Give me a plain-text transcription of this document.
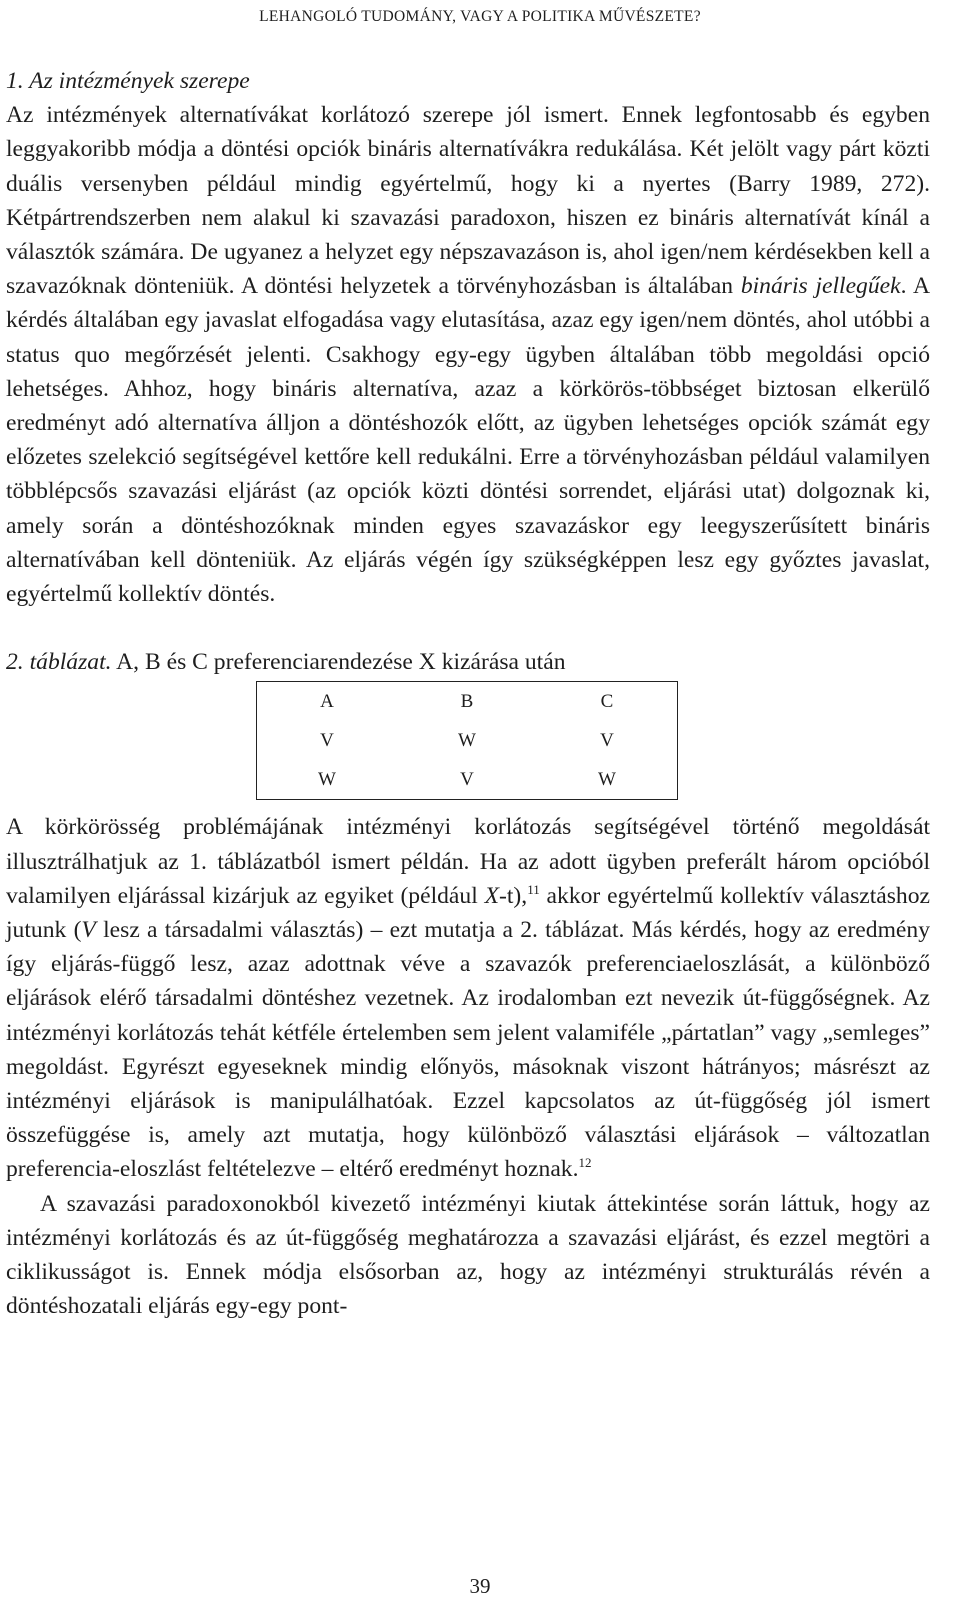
LEHANGOLÓ TUDOMÁNY, VAGY A POLITIKA MŰVÉSZETE?

1. Az intézmények szerepe

Az intézmények alternatívákat korlátozó szerepe jól ismert. Ennek legfontosabb és egyben leggyakoribb módja a döntési opciók bináris alternatívákra redukálása. Két jelölt vagy párt közti duális versenyben például mindig egyértelmű, hogy ki a nyertes (Barry 1989, 272). Kétpártrendszerben nem alakul ki szavazási paradoxon, hiszen ez bináris alternatívát kínál a választók számára. De ugyanez a helyzet egy népszavazáson is, ahol igen/nem kérdésekben kell a szavazóknak dönteniük. A döntési helyzetek a törvényhozásban is általában bináris jellegűek. A kérdés általában egy javaslat elfogadása vagy elutasítása, azaz egy igen/nem döntés, ahol utóbbi a status quo megőrzését jelenti. Csakhogy egy-egy ügyben általában több megoldási opció lehetséges. Ahhoz, hogy bináris alternatíva, azaz a körkörös-többséget biztosan elkerülő eredményt adó alternatíva álljon a döntéshozók előtt, az ügyben lehetséges opciók számát egy előzetes szelekció segítségével kettőre kell redukálni. Erre a törvényhozásban például valamilyen többlépcsős szavazási eljárást (az opciók közti döntési sorrendet, eljárási utat) dolgoznak ki, amely során a döntéshozóknak minden egyes szavazáskor egy leegyszerűsített bináris alternatívában kell dönteniük. Az eljárás végén így szükségképpen lesz egy győztes javaslat, egyértelmű kollektív döntés.

2. táblázat. A, B és C preferenciarendezése X kizárása után

A	B	C
V	W	V
W	V	W

A körkörösség problémájának intézményi korlátozás segítségével történő megoldását illusztrálhatjuk az 1. táblázatból ismert példán. Ha az adott ügyben preferált három opcióból valamilyen eljárással kizárjuk az egyiket (például X-t),$^{11}$ akkor egyértelmű kollektív választáshoz jutunk (V lesz a társadalmi választás) – ezt mutatja a 2. táblázat. Más kérdés, hogy az eredmény így eljárás-függő lesz, azaz adottnak véve a szavazók preferenciaeloszlását, a különböző eljárások elérő társadalmi döntéshez vezetnek. Az irodalomban ezt nevezik út-függőségnek. Az intézményi korlátozás tehát kétféle értelemben sem jelent valamiféle „pártatlan” vagy „semleges” megoldást. Egyrészt egyeseknek mindig előnyös, másoknak viszont hátrányos; másrészt az intézményi eljárások is manipulálhatóak. Ezzel kapcsolatos az út-függőség jól ismert összefüggése is, amely azt mutatja, hogy különböző választási eljárások – változatlan preferencia-eloszlást feltételezve – eltérő eredményt hoznak.$^{12}$

A szavazási paradoxonokból kivezető intézményi kiutak áttekintése során láttuk, hogy az intézményi korlátozás és az út-függőség meghatározza a szavazási eljárást, és ezzel megtöri a ciklikusságot is. Ennek módja elsősorban az, hogy az intézményi strukturálás révén a döntéshozatali eljárás egy-egy pont-

39
